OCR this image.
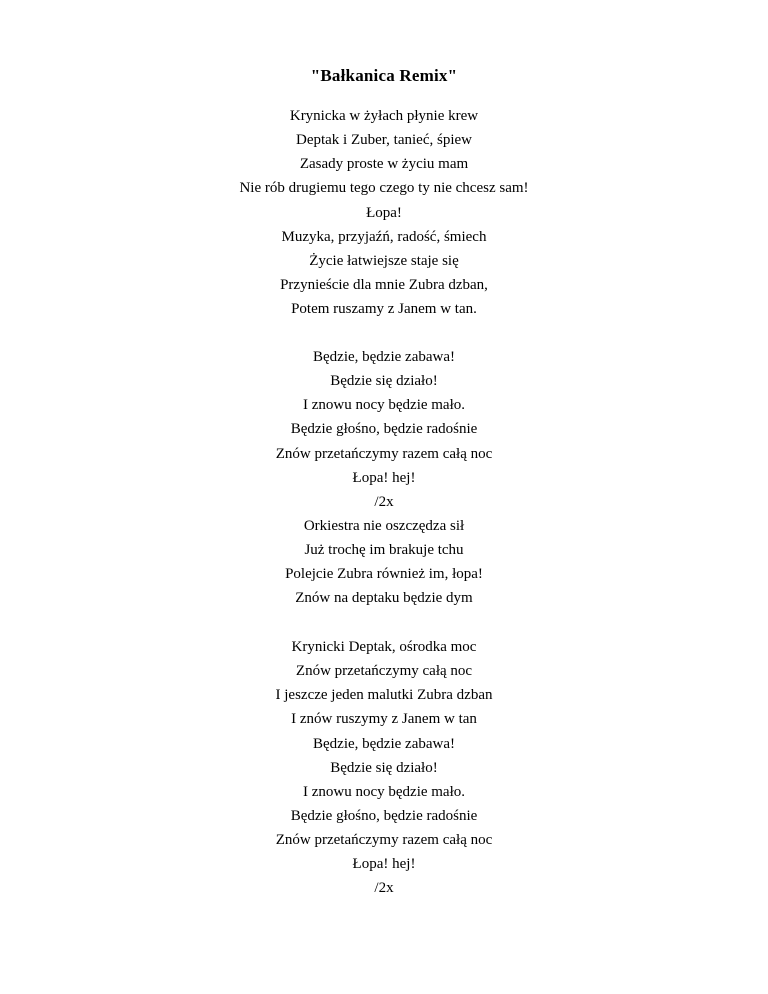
"Bałkanica Remix"
Krynicka w żyłach płynie krew
Deptak i Zuber, tanieć, śpiew
Zasady proste w życiu mam
Nie rób drugiemu tego czego ty nie chcesz sam!
Łopa!
Muzyka, przyjaźń, radość, śmiech
Życie łatwiejsze staje się
Przynieście dla mnie Zubra dzban,
Potem ruszamy z Janem w tan.
Będzie, będzie zabawa!
Będzie się działo!
I znowu nocy będzie mało.
Będzie głośno, będzie radośnie
Znów przetańczymy razem całą noc
Łopa! hej!
/2x
Orkiestra nie oszczędza sił
Już trochę im brakuje tchu
Polejcie Zubra również im, łopa!
Znów na deptaku będzie dym
Krynicki Deptak, ośrodka moc
Znów przetańczymy całą noc
I jeszcze jeden malutki Zubra dzban
I znów ruszymy z Janem w tan
Będzie, będzie zabawa!
Będzie się działo!
I znowu nocy będzie mało.
Będzie głośno, będzie radośnie
Znów przetańczymy razem całą noc
Łopa! hej!
/2x
